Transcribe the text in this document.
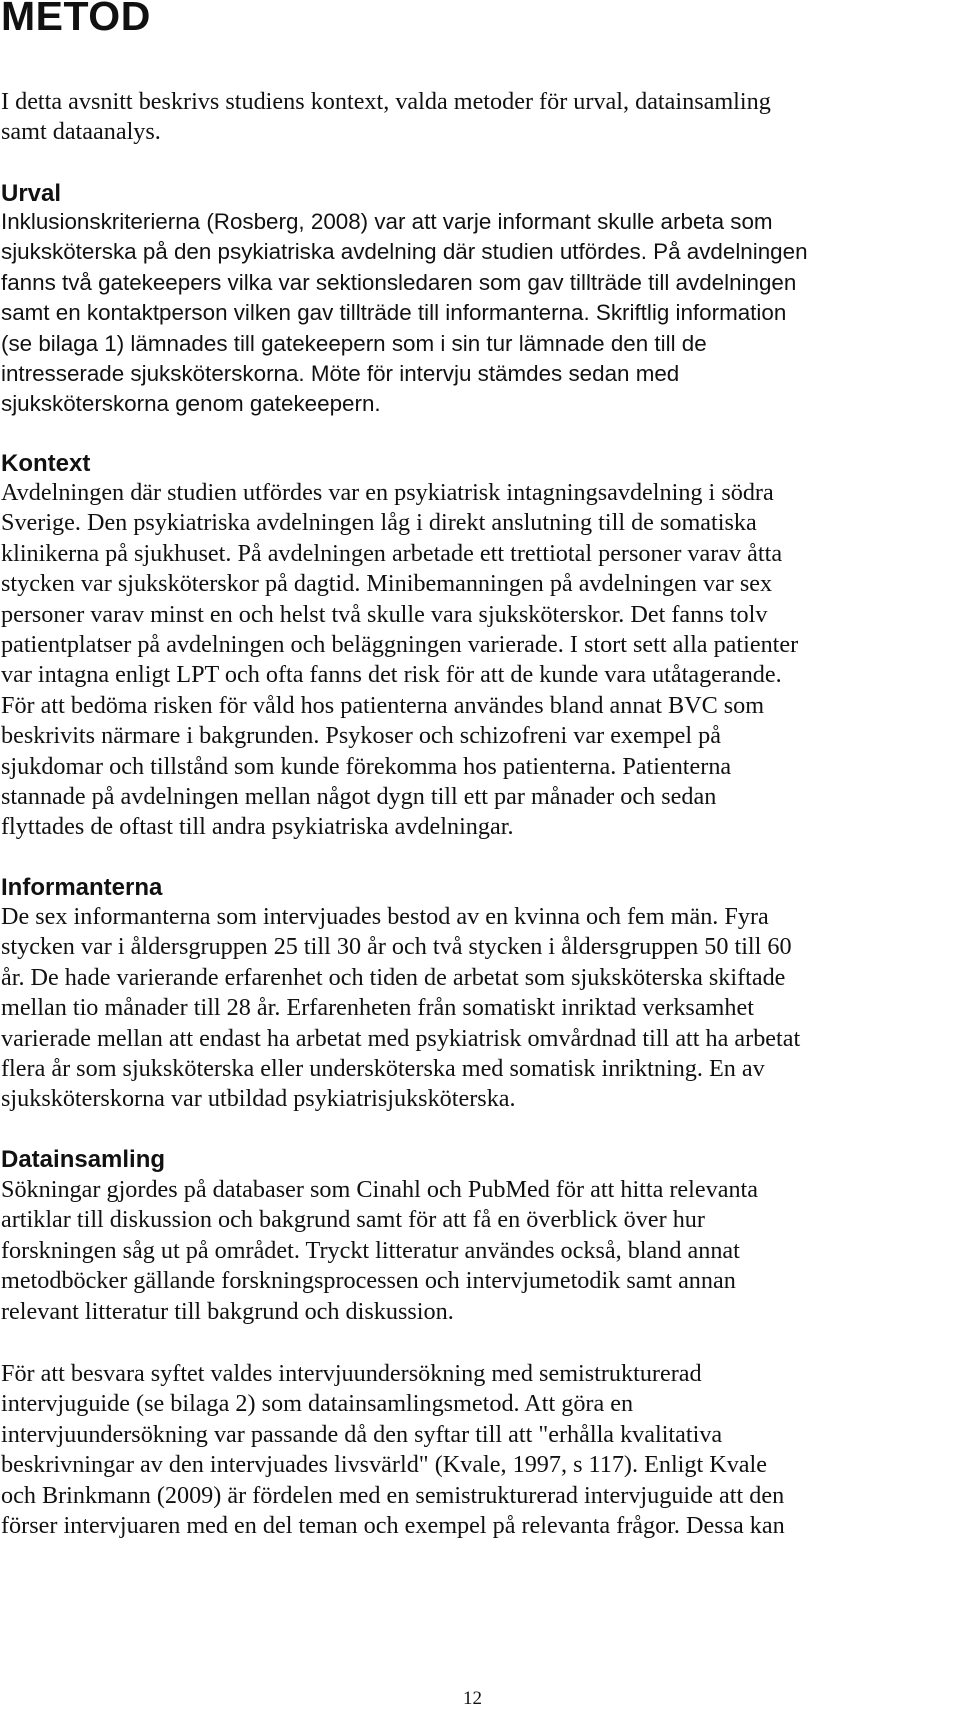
METOD

I detta avsnitt beskrivs studiens kontext, valda metoder för urval, datainsamling
samt dataanalys.

Urval

Inklusionskriterierna (Rosberg, 2008) var att varje informant skulle arbeta som
sjuksköterska på den psykiatriska avdelning där studien utfördes. På avdelningen
fanns två gatekeepers vilka var sektionsledaren som gav tillträde till avdelningen
samt en kontaktperson vilken gav tillträde till informanterna. Skriftlig information
(se bilaga 1) lämnades till gatekeepern som i sin tur lämnade den till de
intresserade sjuksköterskorna. Möte för intervju stämdes sedan med
sjuksköterskorna genom gatekeepern.

Kontext

Avdelningen där studien utfördes var en psykiatrisk intagningsavdelning i södra
Sverige. Den psykiatriska avdelningen låg i direkt anslutning till de somatiska
klinikerna på sjukhuset. På avdelningen arbetade ett trettiotal personer varav åtta
stycken var sjuksköterskor på dagtid. Minibemanningen på avdelningen var sex
personer varav minst en och helst två skulle vara sjuksköterskor. Det fanns tolv
patientplatser på avdelningen och beläggningen varierade. I stort sett alla patienter
var intagna enligt LPT och ofta fanns det risk för att de kunde vara utåtagerande.
För att bedöma risken för våld hos patienterna användes bland annat BVC som
beskrivits närmare i bakgrunden. Psykoser och schizofreni var exempel på
sjukdomar och tillstånd som kunde förekomma hos patienterna. Patienterna
stannade på avdelningen mellan något dygn till ett par månader och sedan
flyttades de oftast till andra psykiatriska avdelningar.

Informanterna

De sex informanterna som intervjuades bestod av en kvinna och fem män. Fyra
stycken var i åldersgruppen 25 till 30 år och två stycken i åldersgruppen 50 till 60
år. De hade varierande erfarenhet och tiden de arbetat som sjuksköterska skiftade
mellan tio månader till 28 år. Erfarenheten från somatiskt inriktad verksamhet
varierade mellan att endast ha arbetat med psykiatrisk omvårdnad till att ha arbetat
flera år som sjuksköterska eller undersköterska med somatisk inriktning. En av
sjuksköterskorna var utbildad psykiatrisjuksköterska.

Datainsamling

Sökningar gjordes på databaser som Cinahl och PubMed för att hitta relevanta
artiklar till diskussion och bakgrund samt för att få en överblick över hur
forskningen såg ut på området. Tryckt litteratur användes också, bland annat
metodböcker gällande forskningsprocessen och intervjumetodik samt annan
relevant litteratur till bakgrund och diskussion.

För att besvara syftet valdes intervjuundersökning med semistrukturerad
intervjuguide (se bilaga 2) som datainsamlingsmetod. Att göra en
intervjuundersökning var passande då den syftar till att "erhålla kvalitativa
beskrivningar av den intervjuades livsvärld" (Kvale, 1997, s 117). Enligt Kvale
och Brinkmann (2009) är fördelen med en semistrukturerad intervjuguide att den
förser intervjuaren med en del teman och exempel på relevanta frågor. Dessa kan

12
